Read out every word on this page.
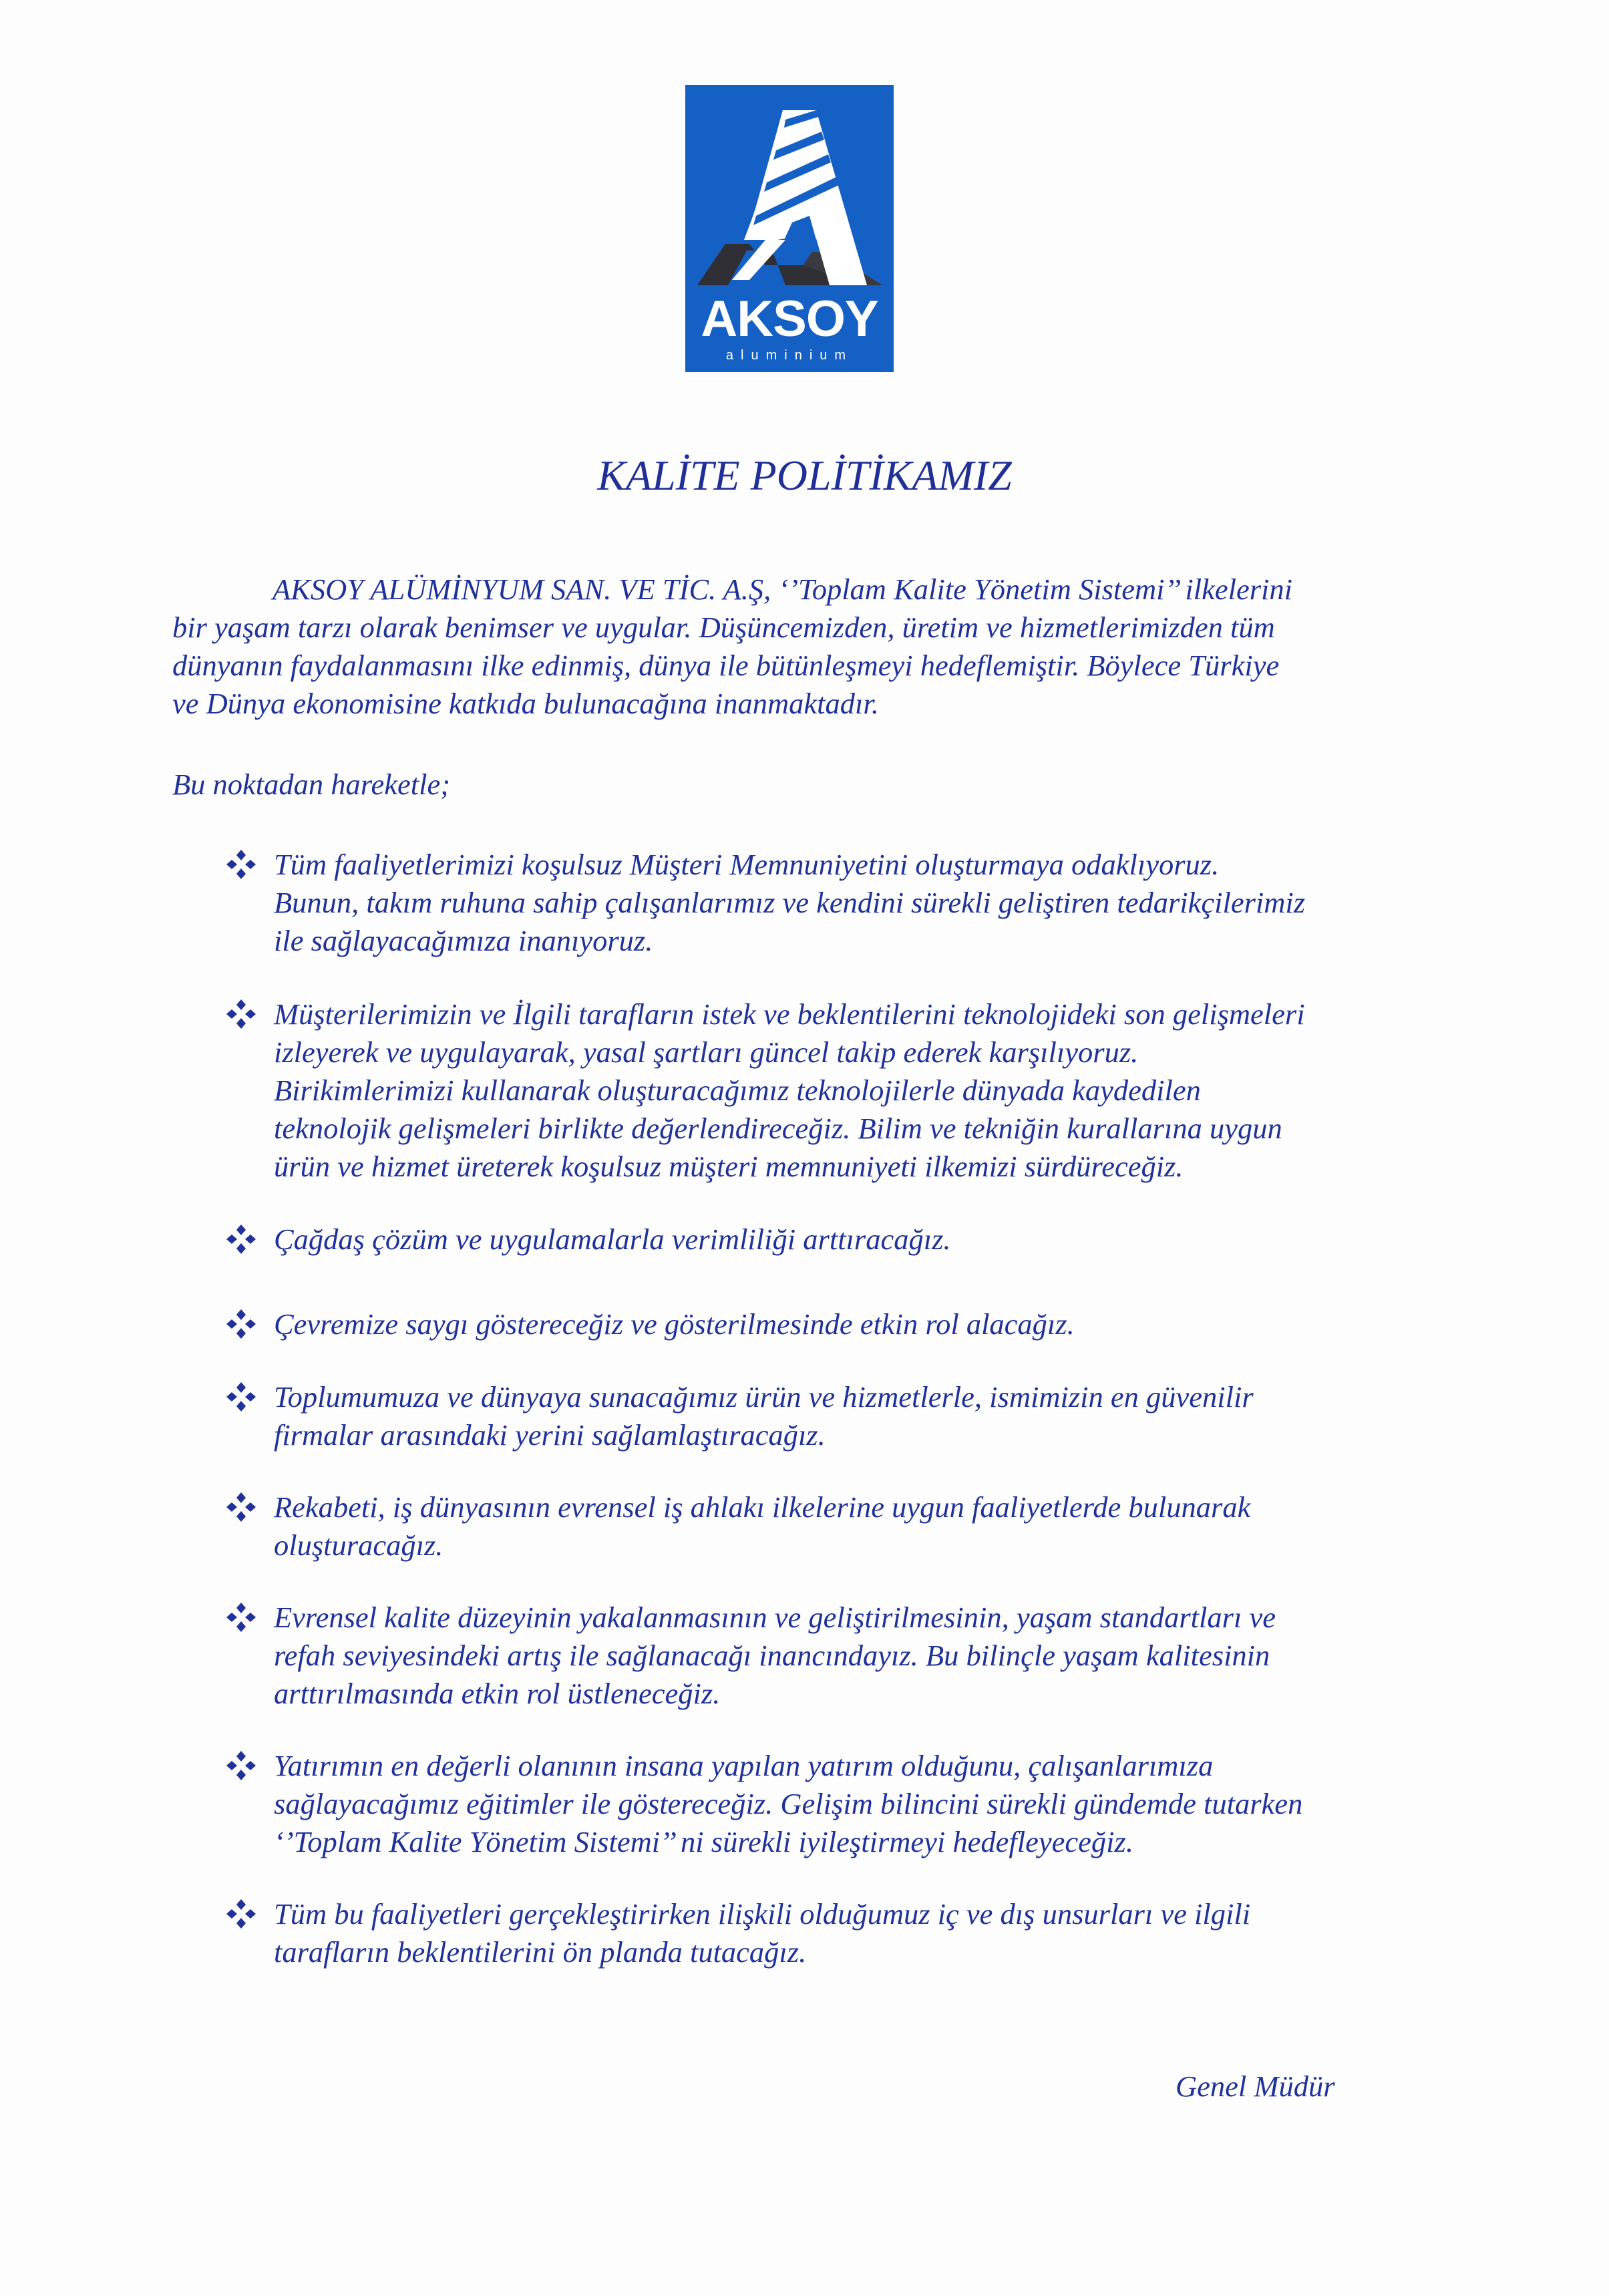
AKSOY
aluminium
KALİTE POLİTİKAMIZ
AKSOY ALÜMİNYUM SAN. VE TİC. A.Ş, ‘’Toplam Kalite Yönetim Sistemi’’ ilkelerini
bir yaşam tarzı olarak benimser ve uygular. Düşüncemizden, üretim ve hizmetlerimizden tüm
dünyanın faydalanmasını ilke edinmiş, dünya ile bütünleşmeyi hedeflemiştir. Böylece Türkiye
ve Dünya ekonomisine katkıda bulunacağına inanmaktadır.
Bu noktadan hareketle;
Tüm faaliyetlerimizi koşulsuz Müşteri Memnuniyetini oluşturmaya odaklıyoruz.
Bunun, takım ruhuna sahip çalışanlarımız ve kendini sürekli geliştiren tedarikçilerimiz
ile sağlayacağımıza inanıyoruz.
Müşterilerimizin ve İlgili tarafların istek ve beklentilerini teknolojideki son gelişmeleri
izleyerek ve uygulayarak, yasal şartları güncel takip ederek karşılıyoruz.
Birikimlerimizi kullanarak oluşturacağımız teknolojilerle dünyada kaydedilen
teknolojik gelişmeleri birlikte değerlendireceğiz. Bilim ve tekniğin kurallarına uygun
ürün ve hizmet üreterek koşulsuz müşteri memnuniyeti ilkemizi sürdüreceğiz.
Çağdaş çözüm ve uygulamalarla verimliliği arttıracağız.
Çevremize saygı göstereceğiz ve gösterilmesinde etkin rol alacağız.
Toplumumuza ve dünyaya sunacağımız ürün ve hizmetlerle, ismimizin en güvenilir
firmalar arasındaki yerini sağlamlaştıracağız.
Rekabeti, iş dünyasının evrensel iş ahlakı ilkelerine uygun faaliyetlerde bulunarak
oluşturacağız.
Evrensel kalite düzeyinin yakalanmasının ve geliştirilmesinin, yaşam standartları ve
refah seviyesindeki artış ile sağlanacağı inancındayız. Bu bilinçle yaşam kalitesinin
arttırılmasında etkin rol üstleneceğiz.
Yatırımın en değerli olanının insana yapılan yatırım olduğunu, çalışanlarımıza
sağlayacağımız eğitimler ile göstereceğiz. Gelişim bilincini sürekli gündemde tutarken
‘’Toplam Kalite Yönetim Sistemi’’ ni sürekli iyileştirmeyi hedefleyeceğiz.
Tüm bu faaliyetleri gerçekleştirirken ilişkili olduğumuz iç ve dış unsurları ve ilgili
tarafların beklentilerini ön planda tutacağız.
Genel Müdür
